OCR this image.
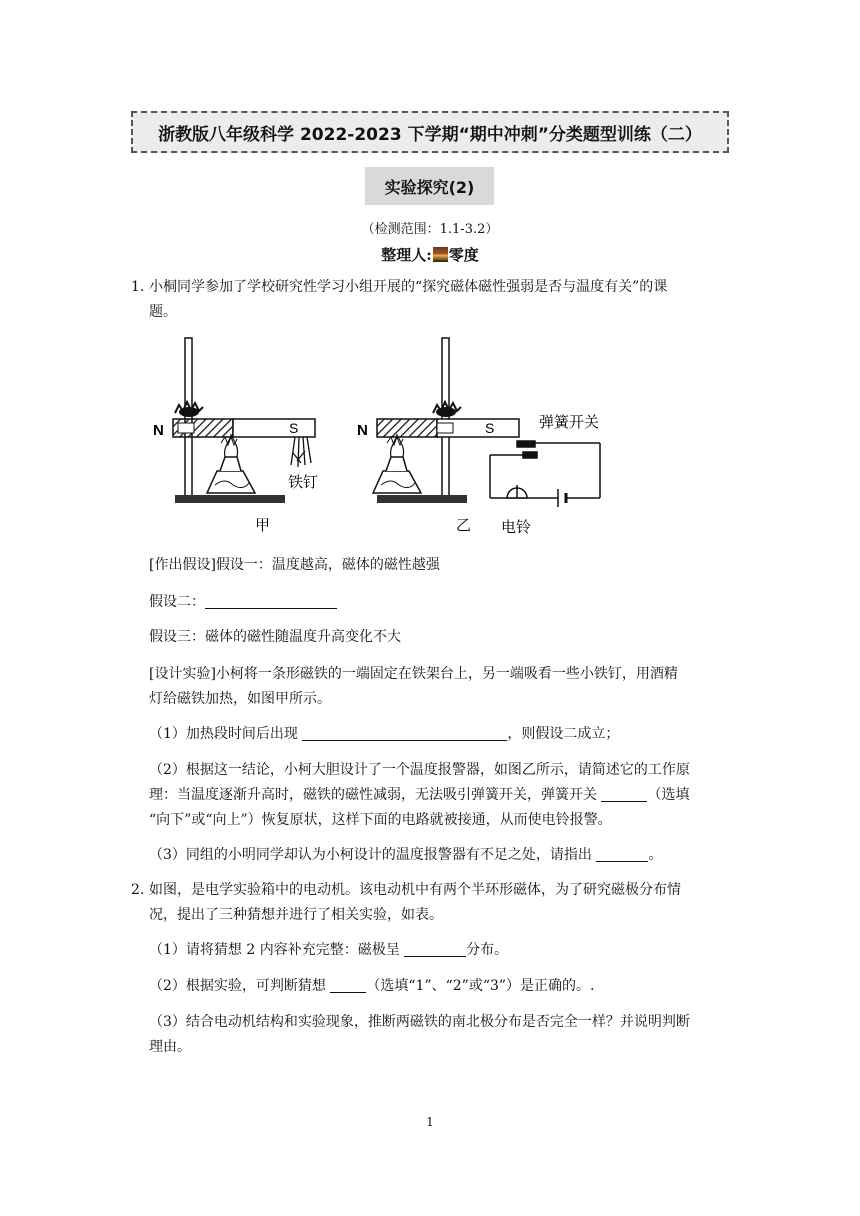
浙教版八年级科学 2022-2023 下学期“期中冲刺”分类题型训练（二）
实验探究(2)
（检测范围：1.1-3.2）
整理人: 零度
1. 小桐同学参加了学校研究性学习小组开展的“探究磁体磁性强弱是否与温度有关”的课
题。
N	S
铁钉
甲
N	S	弹簧开关
电铃
乙
[作出假设]假设一：温度越高，磁体的磁性越强
假设二：
假设三：磁体的磁性随温度升高变化不大
[设计实验]小柯将一条形磁铁的一端固定在铁架台上，另一端吸看一些小铁钉，用酒精
灯给磁铁加热，如图甲所示。
（1）加热段时间后出现	，则假设二成立；
（2）根据这一结论，小柯大胆设计了一个温度报警器，如图乙所示，请简述它的工作原
理：当温度逐渐升高时，磁铁的磁性减弱，无法吸引弹簧开关，弹簧开关	（选填
“向下”或“向上”）恢复原状，这样下面的电路就被接通，从而使电铃报警。
（3）同组的小明同学却认为小柯设计的温度报警器有不足之处，请指出	。
2. 如图，是电学实验箱中的电动机。该电动机中有两个半环形磁体，为了研究磁极分布情
况，提出了三种猜想并进行了相关实验，如表。
（1）请将猜想 2 内容补充完整：磁极呈	分布。
（2）根据实验，可判断猜想	（选填“1”、“2”或“3”）是正确的。.
（3）结合电动机结构和实验现象，推断两磁铁的南北极分布是否完全一样？并说明判断
理由。
1
